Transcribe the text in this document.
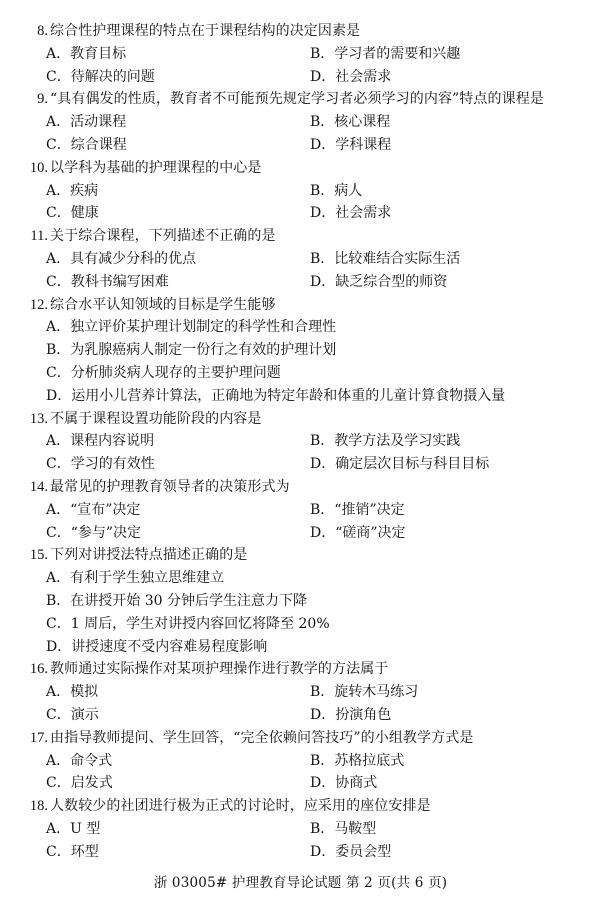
8. 综合性护理课程的特点在于课程结构的决定因素是
A．教育目标	B．学习者的需要和兴趣
C．待解决的问题	D．社会需求
9. “具有偶发的性质，教育者不可能预先规定学习者必须学习的内容”特点的课程是
A．活动课程	B．核心课程
C．综合课程	D．学科课程
10. 以学科为基础的护理课程的中心是
A．疾病	B．病人
C．健康	D．社会需求
11. 关于综合课程，下列描述不正确的是
A．具有减少分科的优点	B．比较难结合实际生活
C．教科书编写困难	D．缺乏综合型的师资
12. 综合水平认知领域的目标是学生能够
A．独立评价某护理计划制定的科学性和合理性
B．为乳腺癌病人制定一份行之有效的护理计划
C．分析肺炎病人现存的主要护理问题
D．运用小儿营养计算法，正确地为特定年龄和体重的儿童计算食物摄入量
13. 不属于课程设置功能阶段的内容是
A．课程内容说明	B．教学方法及学习实践
C．学习的有效性	D．确定层次目标与科目目标
14. 最常见的护理教育领导者的决策形式为
A．“宣布”决定	B．“推销”决定
C．“参与”决定	D．“磋商”决定
15. 下列对讲授法特点描述正确的是
A．有利于学生独立思维建立
B．在讲授开始 30 分钟后学生注意力下降
C．1 周后，学生对讲授内容回忆将降至 20%
D．讲授速度不受内容难易程度影响
16. 教师通过实际操作对某项护理操作进行教学的方法属于
A．模拟	B．旋转木马练习
C．演示	D．扮演角色
17. 由指导教师提问、学生回答，“完全依赖问答技巧”的小组教学方式是
A．命令式	B．苏格拉底式
C．启发式	D．协商式
18. 人数较少的社团进行极为正式的讨论时，应采用的座位安排是
A．U 型	B．马鞍型
C．环型	D．委员会型
浙 03005# 护理教育导论试题 第 2 页(共 6 页)
